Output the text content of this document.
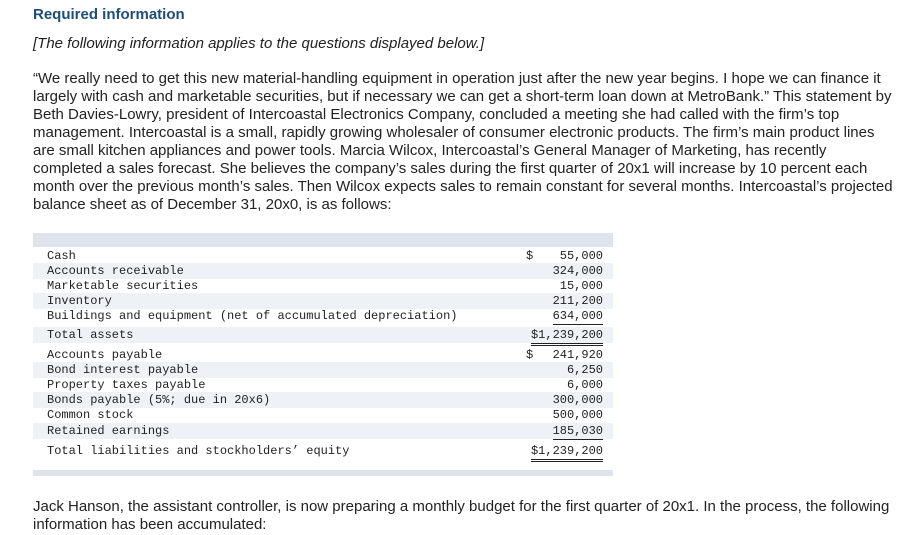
Required information
[The following information applies to the questions displayed below.]
“We really need to get this new material-handling equipment in operation just after the new year begins. I hope we can finance it largely with cash and marketable securities, but if necessary we can get a short-term loan down at MetroBank.” This statement by Beth Davies-Lowry, president of Intercoastal Electronics Company, concluded a meeting she had called with the firm’s top management. Intercoastal is a small, rapidly growing wholesaler of consumer electronic products. The firm’s main product lines are small kitchen appliances and power tools. Marcia Wilcox, Intercoastal’s General Manager of Marketing, has recently completed a sales forecast. She believes the company’s sales during the first quarter of 20x1 will increase by 10 percent each month over the previous month’s sales. Then Wilcox expects sales to remain constant for several months. Intercoastal’s projected balance sheet as of December 31, 20x0, is as follows:
Cash	$ 55,000
Accounts receivable	324,000
Marketable securities	15,000
Inventory	211,200
Buildings and equipment (net of accumulated depreciation)	634,000
Total assets	$1,239,200
Accounts payable	$ 241,920
Bond interest payable	6,250
Property taxes payable	6,000
Bonds payable (5%; due in 20x6)	300,000
Common stock	500,000
Retained earnings	185,030
Total liabilities and stockholders’ equity	$1,239,200
Jack Hanson, the assistant controller, is now preparing a monthly budget for the first quarter of 20x1. In the process, the following information has been accumulated:
